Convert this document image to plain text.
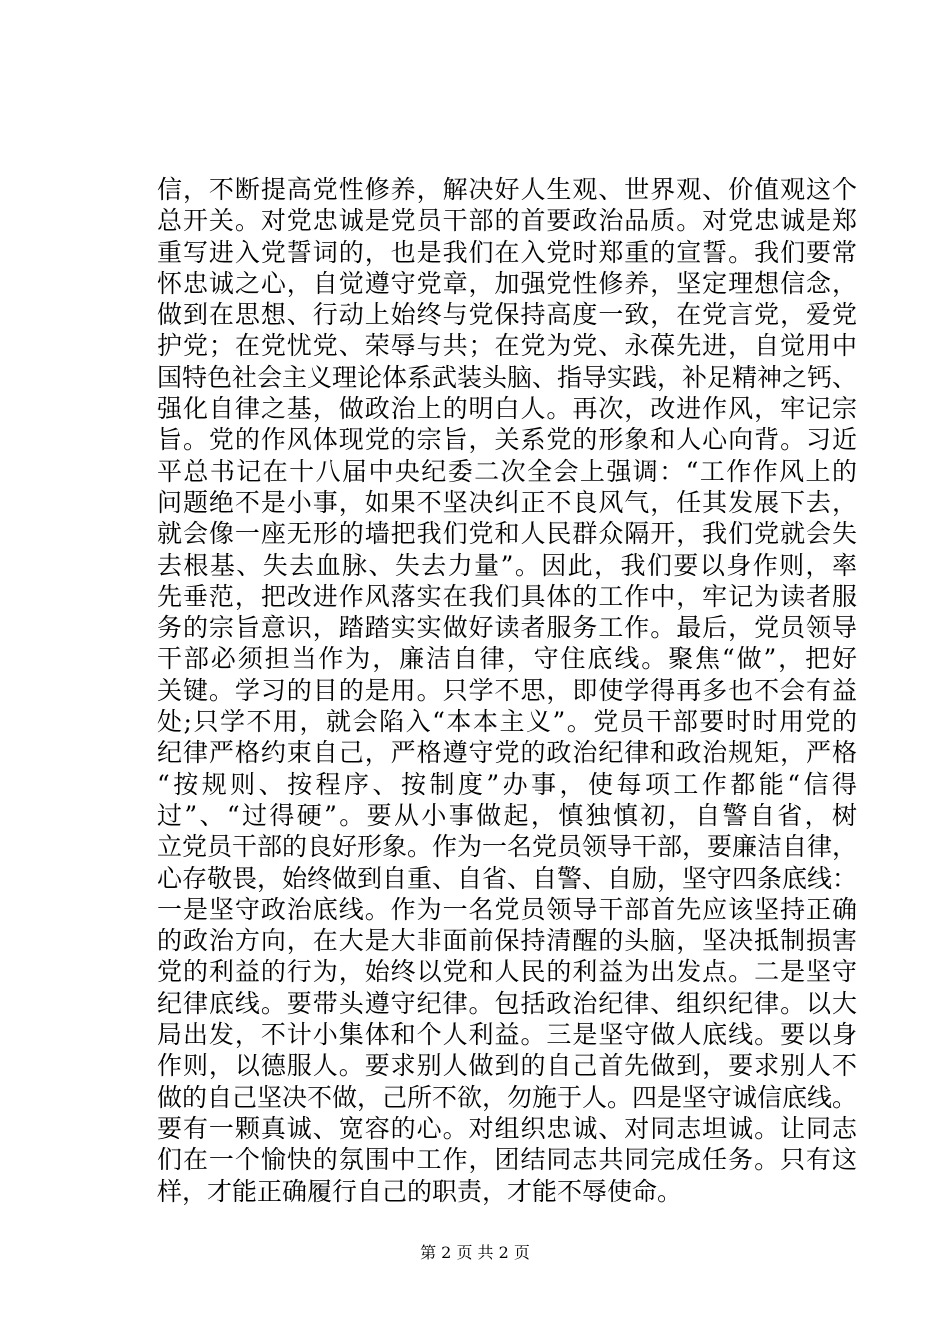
信，不断提高党性修养，解决好人生观、世界观、价值观这个
总开关。对党忠诚是党员干部的首要政治品质。对党忠诚是郑
重写进入党誓词的，也是我们在入党时郑重的宣誓。我们要常
怀忠诚之心，自觉遵守党章，加强党性修养，坚定理想信念，
做到在思想、行动上始终与党保持高度一致，在党言党，爱党
护党；在党忧党、荣辱与共；在党为党、永葆先进，自觉用中
国特色社会主义理论体系武装头脑、指导实践，补足精神之钙、
强化自律之基，做政治上的明白人。再次，改进作风，牢记宗
旨。党的作风体现党的宗旨，关系党的形象和人心向背。习近
平总书记在十八届中央纪委二次全会上强调：“工作作风上的
问题绝不是小事，如果不坚决纠正不良风气，任其发展下去，
就会像一座无形的墙把我们党和人民群众隔开，我们党就会失
去根基、失去血脉、失去力量”。因此，我们要以身作则，率
先垂范，把改进作风落实在我们具体的工作中，牢记为读者服
务的宗旨意识，踏踏实实做好读者服务工作。最后，党员领导
干部必须担当作为，廉洁自律，守住底线。聚焦“做”，把好
关键。学习的目的是用。只学不思，即使学得再多也不会有益
处;只学不用，就会陷入“本本主义”。党员干部要时时用党的
纪律严格约束自己，严格遵守党的政治纪律和政治规矩，严格
“按规则、按程序、按制度”办事，使每项工作都能“信得
过”、“过得硬”。要从小事做起，慎独慎初，自警自省，树
立党员干部的良好形象。作为一名党员领导干部，要廉洁自律，
心存敬畏，始终做到自重、自省、自警、自励，坚守四条底线：
一是坚守政治底线。作为一名党员领导干部首先应该坚持正确
的政治方向，在大是大非面前保持清醒的头脑，坚决抵制损害
党的利益的行为，始终以党和人民的利益为出发点。二是坚守
纪律底线。要带头遵守纪律。包括政治纪律、组织纪律。以大
局出发，不计小集体和个人利益。三是坚守做人底线。要以身
作则，以德服人。要求别人做到的自己首先做到，要求别人不
做的自己坚决不做，己所不欲，勿施于人。四是坚守诚信底线。
要有一颗真诚、宽容的心。对组织忠诚、对同志坦诚。让同志
们在一个愉快的氛围中工作，团结同志共同完成任务。只有这
样，才能正确履行自己的职责，才能不辱使命。
第 2 页 共 2 页
